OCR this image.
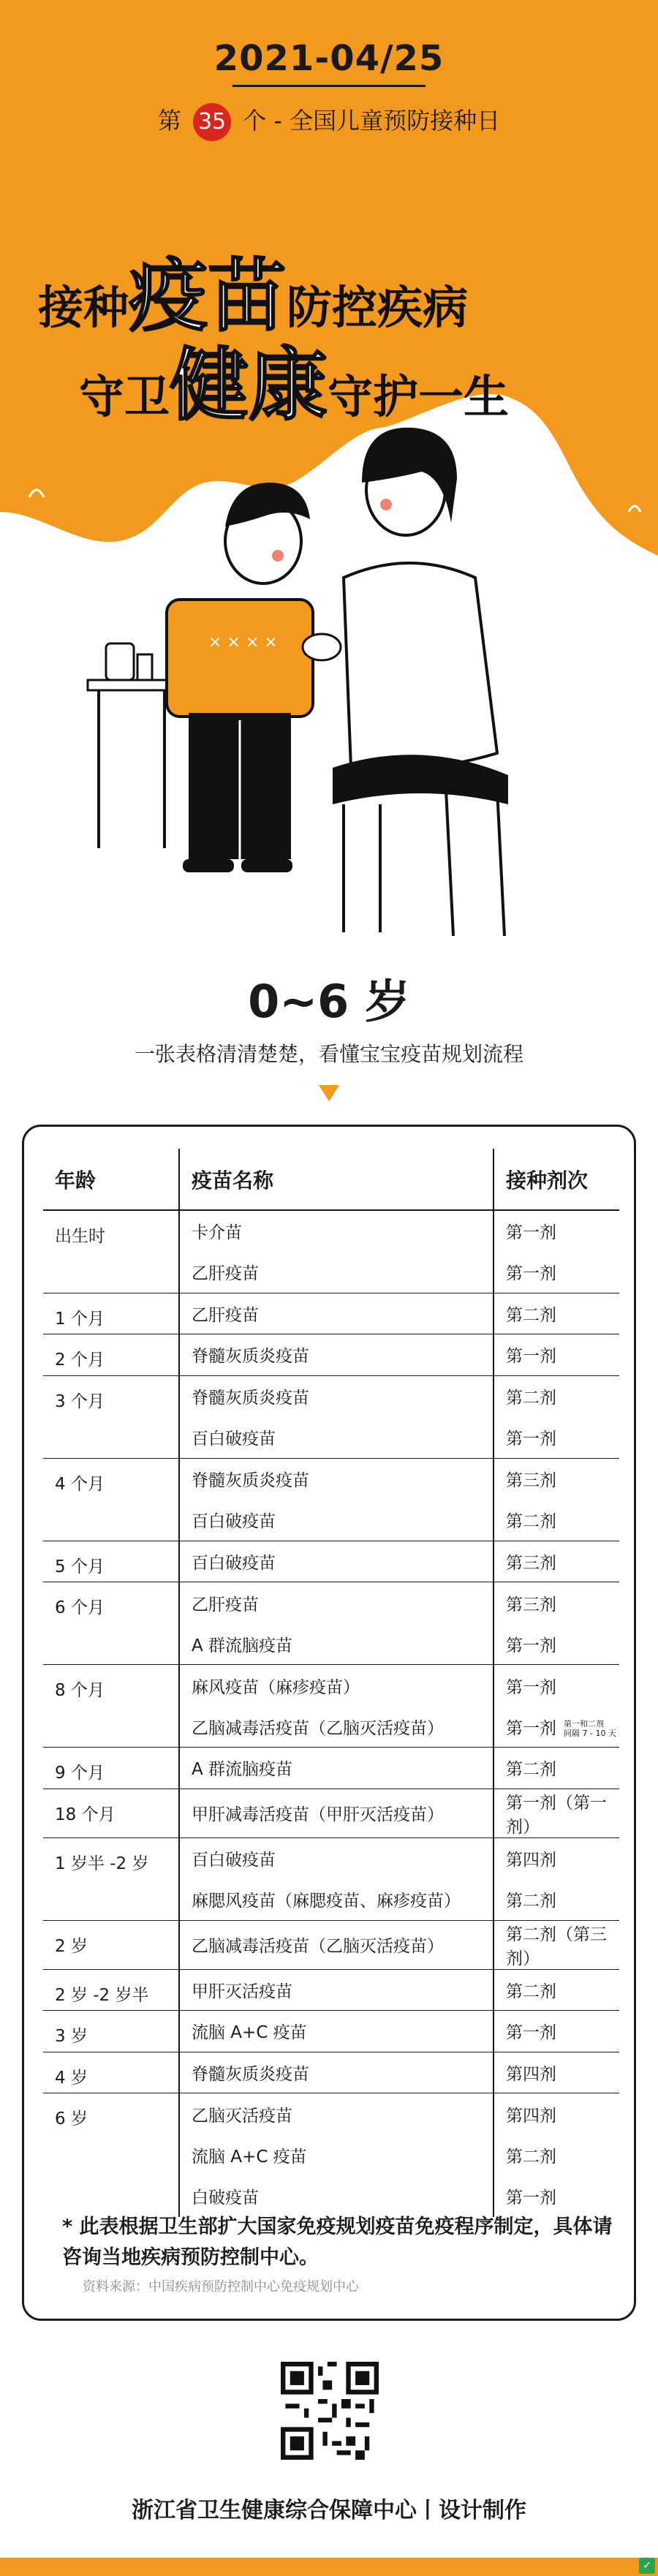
× × × ×
2021-04/25
第 35 个 - 全国儿童预防接种日
接种疫苗防控疾病
守卫健康守护一生
0~6 岁
一张表格清清楚楚，看懂宝宝疫苗规划流程
年龄	疫苗名称	接种剂次
出生时	卡介苗	第一剂
	乙肝疫苗	第一剂
1 个月	乙肝疫苗	第二剂
2 个月	脊髓灰质炎疫苗	第一剂
3 个月	脊髓灰质炎疫苗	第二剂
	百白破疫苗	第一剂
4 个月	脊髓灰质炎疫苗	第三剂
	百白破疫苗	第二剂
5 个月	百白破疫苗	第三剂
6 个月	乙肝疫苗	第三剂
	A 群流脑疫苗	第一剂
8 个月	麻风疫苗（麻疹疫苗）	第一剂
	乙脑减毒活疫苗（乙脑灭活疫苗）	第一剂 第一和二剂
间隔 7 - 10 天
9 个月	A 群流脑疫苗	第二剂
18 个月	甲肝减毒活疫苗（甲肝灭活疫苗）	第一剂（第一剂）
1 岁半 -2 岁	百白破疫苗	第四剂
	麻腮风疫苗（麻腮疫苗、麻疹疫苗）	第二剂
2 岁	乙脑减毒活疫苗（乙脑灭活疫苗）	第二剂（第三剂）
2 岁 -2 岁半	甲肝灭活疫苗	第二剂
3 岁	流脑 A+C 疫苗	第一剂
4 岁	脊髓灰质炎疫苗	第四剂
6 岁	乙脑灭活疫苗	第四剂
	流脑 A+C 疫苗	第二剂
	白破疫苗	第一剂
* 此表根据卫生部扩大国家免疫规划疫苗免疫程序制定，具体请咨询当地疾病预防控制中心。
资料来源：中国疾病预防控制中心免疫规划中心
浙江省卫生健康综合保障中心丨设计制作
✓
